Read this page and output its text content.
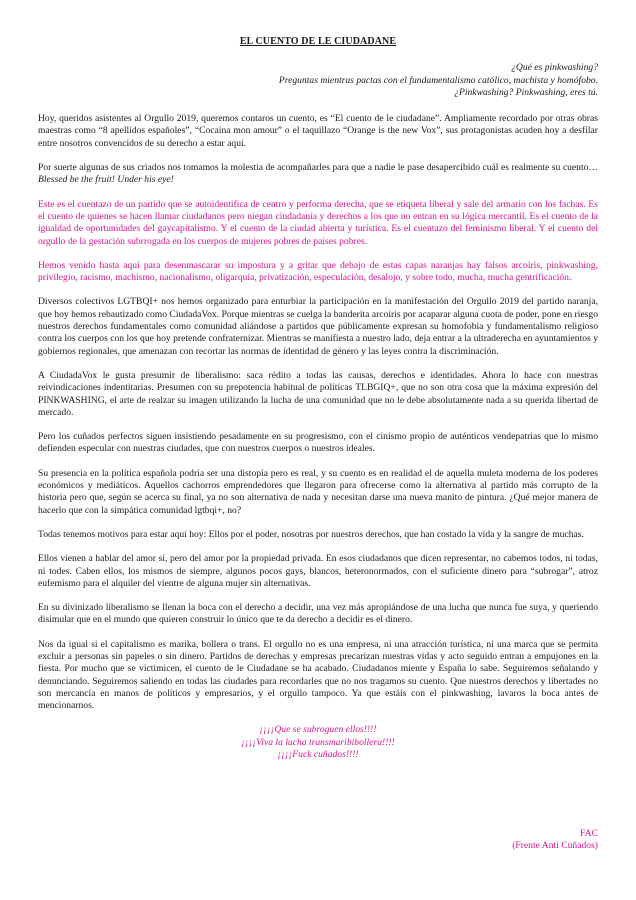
EL CUENTO DE LE CIUDADANE
¿Qué es pinkwashing?
Preguntas mientras pactas con el fundamentalismo católico, machista y homófobo.
¿Pinkwashing? Pinkwashing, eres tú.

Hoy, queridos asistentes al Orgullo 2019, queremos contaros un cuento, es “El cuento de le ciudadane”. Ampliamente recordado por otras obras maestras como “8 apellidos españoles”, “Cocaína mon amour” o el taquillazo “Orange is the new Vox”, sus protagonistas acuden hoy a desfilar entre nosotros convencidos de su derecho a estar aquí.

Por suerte algunas de sus criados nos tomamos la molestia de acompañarles para que a nadie le pase desapercibido cuál es realmente su cuento…Blessed be the fruit! Under his eye!

Este es el cuentazo de un partido que se autoidentifica de centro y performa derecha, que se etiqueta liberal y sale del armario con los fachas. Es el cuento de quienes se hacen llamar ciudadanos pero niegan ciudadanía y derechos a los que no entran en su lógica mercantil. Es el cuento de la igualdad de oportunidades del gaycapitalismo. Y el cuento de la ciudad abierta y turística. Es el cuentazo del feminismo liberal. Y el cuento del orgullo de la gestación subrrogada en los cuerpos de mujeres pobres de países pobres.

Hemos venido hasta aquí para desenmascarar su impostura y a gritar que debajo de estas capas naranjas hay falsos arcoíris, pinkwashing, privilegio, racismo, machismo, nacionalismo, oligarquía, privatización, especulación, desalojo, y sobre todo, mucha, mucha gentrificación.

Diversos colectivos LGTBQI+ nos hemos organizado para enturbiar la participación en la manifestación del Orgullo 2019 del partido naranja, que hoy hemos rebautizado como CiudadaVox. Porque mientras se cuelga la banderita arcoíris por acaparar alguna cuota de poder, pone en riesgo nuestros derechos fundamentales como comunidad aliándose a partidos que públicamente expresan su homofobia y fundamentalismo religioso contra los cuerpos con los que hoy pretende confraternizar. Mientras se manifiesta a nuestro lado, deja entrar a la ultraderecha en ayuntamientos y gobiernos regionales, que amenazan con recortar las normas de identidad de género y las leyes contra la discriminación.

A CiudadaVox le gusta presumir de liberalismo: saca rédito a todas las causas, derechos e identidades. Ahora lo hace con nuestras reivindicaciones indentitarias. Presumen con su prepotencia habitual de políticas TLBGIQ+, que no son otra cosa que la máxima expresión del PINKWASHING, el arte de realzar su imagen utilizando la lucha de una comunidad que no le debe absolutamente nada a su querida libertad de mercado.

Pero los cuñados perfectos siguen insistiendo pesadamente en su progresismo, con el cinismo propio de auténticos vendepatrias que lo mismo defienden especular con nuestras ciudades, que con nuestros cuerpos o nuestros ideales.

Su presencia en la política española podría ser una distopía pero es real, y su cuento es en realidad el de aquella muleta moderna de los poderes económicos y mediáticos. Aquellos cachorros emprendedores que llegaron para ofrecerse como la alternativa al partido más corrupto de la historia pero que, según se acerca su final, ya no son alternativa de nada y necesitan darse una nueva manito de pintura. ¿Qué mejor manera de hacerlo que con la simpática comunidad lgtbqi+, no?

Todas tenemos motivos para estar aquí hoy: Ellos por el poder, nosotras por nuestros derechos, que han costado la vida y la sangre de muchas.

Ellos vienen a hablar del amor sí, pero del amor por la propiedad privada. En esos ciudadanos que dicen representar, no cabemos todos, ni todas, ni todes. Caben ellos, los mismos de siempre, algunos pocos gays, blancos, heteronormados, con el suficiente dinero para “subrogar”, atroz eufemismo para el alquiler del vientre de alguna mujer sin alternativas.

En su divinizado liberalismo se llenan la boca con el derecho a decidir, una vez más apropiándose de una lucha que nunca fue suya, y queriendo disimular que en el mundo que quieren construir lo único que te da derecho a decidir es el dinero.

Nos da igual si el capitalismo es marika, bollera o trans. El orgullo no es una empresa, ni una atracción turística, ni una marca que se permita excluir a personas sin papeles o sin dinero. Partidos de derechas y empresas precarizan nuestras vidas y acto seguido entran a empujones en la fiesta. Por mucho que se victimicen, el cuento de le Ciudadane se ha acabado. Ciudadanos miente y España lo sabe. Seguiremos señalando y denunciando. Seguiremos saliendo en todas las ciudades para recordarles que no nos tragamos su cuento. Que nuestros derechos y libertades no son mercancía en manos de políticos y empresarios, y el orgullo tampoco. Ya que estáis con el pinkwashing, lavaros la boca antes de mencionarnos.

¡¡¡¡Que se subroguen ellos!!!!
¡¡¡¡Viva la lucha transmaribibollera!!!!
¡¡¡¡Fuck cuñados!!!!
FAC
(Frente Anti Cuñados)
